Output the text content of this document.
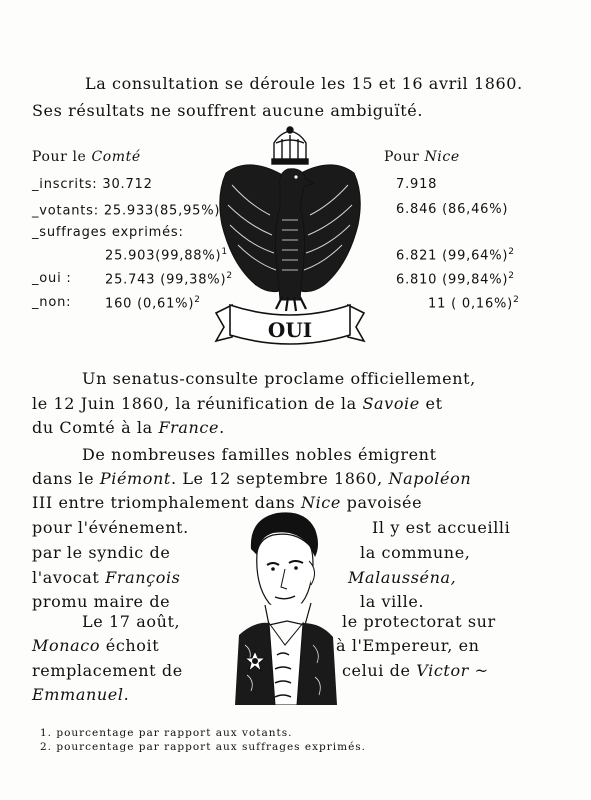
La consultation se déroule les 15 et 16 avril 1860.
Ses résultats ne souffrent aucune ambiguïté.
Pour le Comté	Pour Nice
_inscrits: 30.712	7.918
_votants: 25.933(85,95%)	6.846 (86,46%)
_suffrages exprimés:
$25.903(99,88\%)^1$	6.821 $(99,64\%)^2$
_oui :	25.743 $(99,38\%)^2$	6.810 $(99,84\%)^2$
_non:	160 $(0,61\%)^2$	11 ( 0,16%)$^2$
OUI
Un senatus-consulte proclame officiellement,
le 12 Juin 1860, la réunification de la Savoie et
du Comté à la France.
De nombreuses familles nobles émigrent
dans le Piémont. Le 12 septembre 1860, Napoléon
III entre triomphalement dans Nice pavoisée
pour l'événement.	Il y est accueilli
par le syndic de	la commune,
l'avocat François	Malausséna,
promu maire de	la ville.
Le 17 août,	le protectorat sur
Monaco échoit	à l'Empereur, en
remplacement de	celui de Victor ~
Emmanuel.
1. pourcentage par rapport aux votants.
2. pourcentage par rapport aux suffrages exprimés.
